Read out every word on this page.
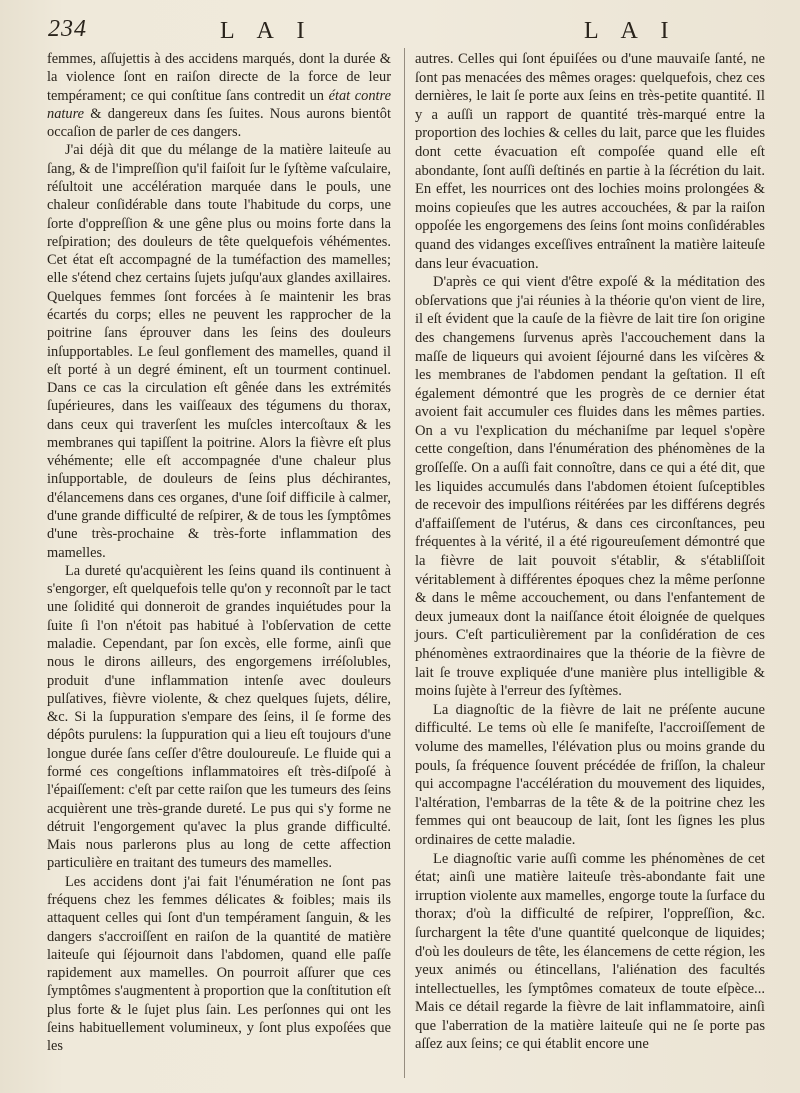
234	L A I	L A I

femmes, aſſujettis à des accidens marqués, dont la durée & la violence ſont en raiſon directe de la force de leur tempérament; ce qui conſtitue ſans contredit un état contre nature & dangereux dans ſes ſuites. Nous aurons bientôt occaſion de parler de ces dangers.

J'ai déjà dit que du mélange de la matière laiteuſe au ſang, & de l'impreſſion qu'il faiſoit ſur le ſyſtème vaſculaire, réſultoit une accélération marquée dans le pouls, une chaleur conſidérable dans toute l'habitude du corps, une ſorte d'oppreſſion & une gêne plus ou moins forte dans la reſpiration; des douleurs de tête quelquefois véhémentes. Cet état eſt accompagné de la tuméfaction des mamelles; elle s'étend chez certains ſujets juſqu'aux glandes axillaires. Quelques femmes ſont forcées à ſe maintenir les bras écartés du corps; elles ne peuvent les rapprocher de la poitrine ſans éprouver dans les ſeins des douleurs inſupportables. Le ſeul gonflement des mamelles, quand il eſt porté à un degré éminent, eſt un tourment continuel. Dans ce cas la circulation eſt gênée dans les extrémités ſupérieures, dans les vaiſſeaux des tégumens du thorax, dans ceux qui traverſent les muſcles intercoſtaux & les membranes qui tapiſſent la poitrine. Alors la fièvre eſt plus véhémente; elle eſt accompagnée d'une chaleur plus inſupportable, de douleurs de ſeins plus déchirantes, d'élancemens dans ces organes, d'une ſoif difficile à calmer, d'une grande difficulté de reſpirer, & de tous les ſymptômes d'une très-prochaine & très-forte inflammation des mamelles.

La dureté qu'acquièrent les ſeins quand ils continuent à s'engorger, eſt quelquefois telle qu'on y reconnoît par le tact une ſolidité qui donneroit de grandes inquiétudes pour la ſuite ſi l'on n'étoit pas habitué à l'obſervation de cette maladie. Cependant, par ſon excès, elle forme, ainſi que nous le dirons ailleurs, des engorgemens irréſolubles, produit d'une inflammation intenſe avec douleurs pulſatives, fièvre violente, & chez quelques ſujets, délire, &c. Si la ſuppuration s'empare des ſeins, il ſe forme des dépôts purulens: la ſuppuration qui a lieu eſt toujours d'une longue durée ſans ceſſer d'être douloureuſe. Le fluide qui a formé ces congeſtions inflammatoires eſt très-diſpoſé à l'épaiſſement: c'eſt par cette raiſon que les tumeurs des ſeins acquièrent une très-grande dureté. Le pus qui s'y forme ne détruit l'engorgement qu'avec la plus grande difficulté. Mais nous parlerons plus au long de cette affection particulière en traitant des tumeurs des mamelles.

Les accidens dont j'ai fait l'énumération ne ſont pas fréquens chez les femmes délicates & foibles; mais ils attaquent celles qui ſont d'un tempérament ſanguin, & les dangers s'accroiſſent en raiſon de la quantité de matière laiteuſe qui ſéjournoit dans l'abdomen, quand elle paſſe rapidement aux mamelles. On pourroit aſſurer que ces ſymptômes s'augmentent à proportion que la conſtitution eſt plus forte & le ſujet plus ſain. Les perſonnes qui ont les ſeins habituellement volumineux, y ſont plus expoſées que les

autres. Celles qui ſont épuiſées ou d'une mauvaiſe ſanté, ne ſont pas menacées des mêmes orages: quelquefois, chez ces dernières, le lait ſe porte aux ſeins en très-petite quantité. Il y a auſſi un rapport de quantité très-marqué entre la proportion des lochies & celles du lait, parce que les fluides dont cette évacuation eſt compoſée quand elle eſt abondante, ſont auſſi deſtinés en partie à la ſécrétion du lait. En effet, les nourrices ont des lochies moins prolongées & moins copieuſes que les autres accouchées, & par la raiſon oppoſée les engorgemens des ſeins ſont moins conſidérables quand des vidanges exceſſives entraînent la matière laiteuſe dans leur évacuation.

D'après ce qui vient d'être expoſé & la méditation des obſervations que j'ai réunies à la théorie qu'on vient de lire, il eſt évident que la cauſe de la fièvre de lait tire ſon origine des changemens ſurvenus après l'accouchement dans la maſſe de liqueurs qui avoient ſéjourné dans les viſcères & les membranes de l'abdomen pendant la geſtation. Il eſt également démontré que les progrès de ce dernier état avoient fait accumuler ces fluides dans les mêmes parties. On a vu l'explication du méchaniſme par lequel s'opère cette congeſtion, dans l'énumération des phénomènes de la groſſeſſe. On a auſſi fait connoître, dans ce qui a été dit, que les liquides accumulés dans l'abdomen étoient ſuſceptibles de recevoir des impulſions réitérées par les différens degrés d'affaiſſement de l'utérus, & dans ces circonſtances, peu fréquentes à la vérité, il a été rigoureuſement démontré que la fièvre de lait pouvoit s'établir, & s'établiſſoit véritablement à différentes époques chez la même perſonne & dans le même accouchement, ou dans l'enfantement de deux jumeaux dont la naiſſance étoit éloignée de quelques jours. C'eſt particulièrement par la conſidération de ces phénomènes extraordinaires que la théorie de la fièvre de lait ſe trouve expliquée d'une manière plus intelligible & moins ſujète à l'erreur des ſyſtèmes.

La diagnoſtic de la fièvre de lait ne préſente aucune difficulté. Le tems où elle ſe manifeſte, l'accroiſſement de volume des mamelles, l'élévation plus ou moins grande du pouls, ſa fréquence ſouvent précédée de friſſon, la chaleur qui accompagne l'accélération du mouvement des liquides, l'altération, l'embarras de la tête & de la poitrine chez les femmes qui ont beaucoup de lait, ſont les ſignes les plus ordinaires de cette maladie.

Le diagnoſtic varie auſſi comme les phénomènes de cet état; ainſi une matière laiteuſe très-abondante fait une irruption violente aux mamelles, engorge toute la ſurface du thorax; d'où la difficulté de reſpirer, l'oppreſſion, &c. ſurchargent la tête d'une quantité quelconque de liquides; d'où les douleurs de tête, les élancemens de cette région, les yeux animés ou étincellans, l'aliénation des facultés intellectuelles, les ſymptômes comateux de toute eſpèce... Mais ce détail regarde la fièvre de lait inflammatoire, ainſi que l'aberration de la matière laiteuſe qui ne ſe porte pas aſſez aux ſeins; ce qui établit encore une
